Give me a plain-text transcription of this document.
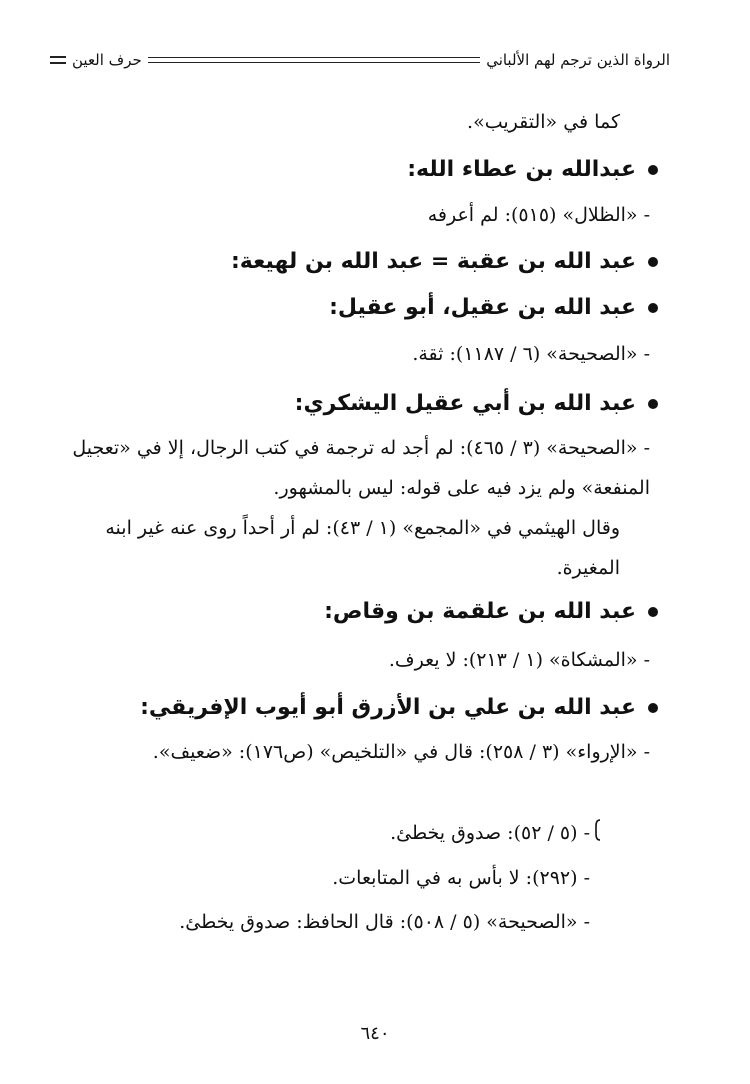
الرواة الذين ترجم لهم الألباني
حرف العين
كما في «التقريب».
عبدالله بن عطاء الله:
- «الظلال» (٥١٥): لم أعرفه
عبد الله بن عقبة = عبد الله بن لهيعة:
عبد الله بن عقيل، أبو عقيل:
- «الصحيحة» (٦ / ١١٨٧): ثقة.
عبد الله بن أبي عقيل اليشكري:
- «الصحيحة» (٣ / ٤٦٥): لم أجد له ترجمة في كتب الرجال، إلا في «تعجيل المنفعة» ولم يزد فيه على قوله: ليس بالمشهور.
وقال الهيثمي في «المجمع» (١ / ٤٣): لم أر أحداً روى عنه غير ابنه المغيرة.
عبد الله بن علقمة بن وقاص:
- «المشكاة» (١ / ٢١٣): لا يعرف.
عبد الله بن علي بن الأزرق أبو أيوب الإفريقي:
- «الإرواء» (٣ / ٢٥٨): قال في «التلخيص» (ص١٧٦): «ضعيف».
- (٥ / ٥٢): صدوق يخطئ.
- (٢٩٢): لا بأس به في المتابعات.
- «الصحيحة» (٥ / ٥٠٨): قال الحافظ: صدوق يخطئ.
٦٤٠
